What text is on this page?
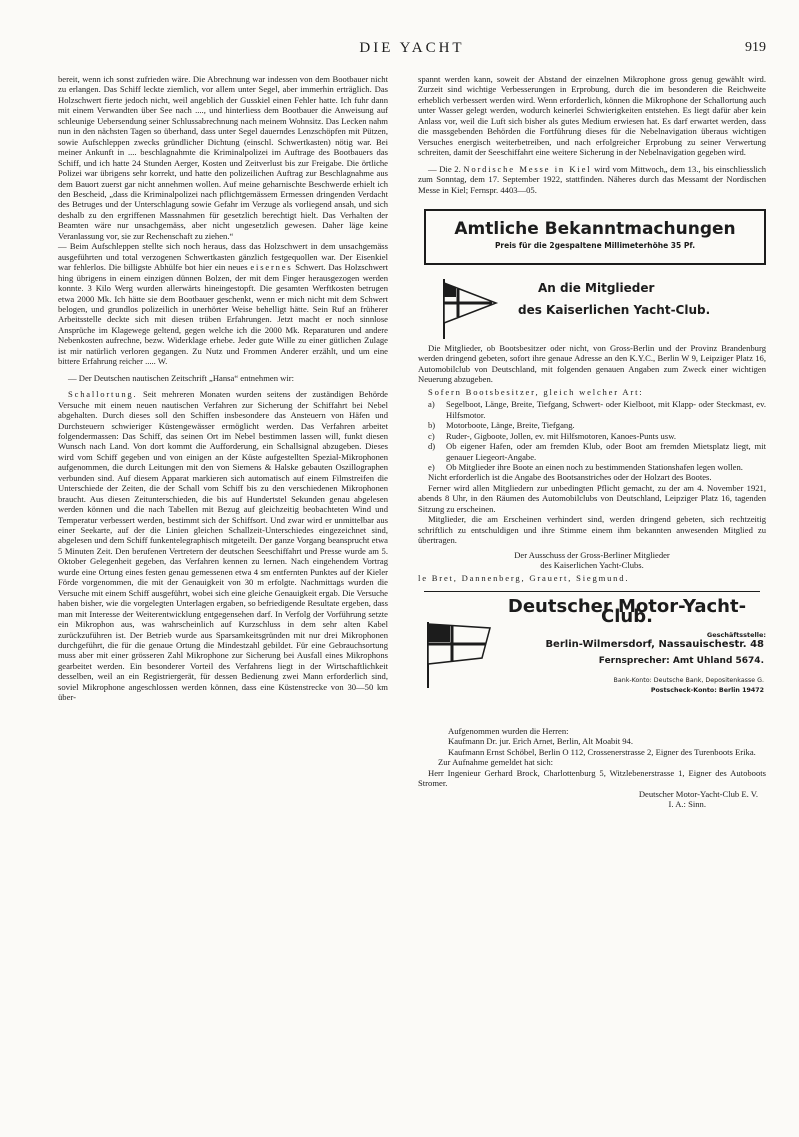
DIE YACHT	919

bereit, wenn ich sonst zufrieden wäre. Die Abrechnung war indessen von dem Bootbauer nicht zu erlangen. Das Schiff leckte ziemlich, vor allem unter Segel, aber immerhin erträglich. Das Holzschwert fierte jedoch nicht, weil angeblich der Gusskiel einen Fehler hatte. Ich fuhr dann mit einem Verwandten über See nach ...., und hinterliess dem Bootbauer die Anweisung auf schleunige Uebersendung seiner Schlussabrechnung nach meinem Wohnsitz. Das Lecken nahm nun in den nächsten Tagen so überhand, dass unter Segel dauerndes Lenzschöpfen mit Pützen, sowie Aufschleppen zwecks gründlicher Dichtung (einschl. Schwertkasten) nötig war. Bei meiner Ankunft in .... beschlagnahmte die Kriminalpolizei im Auftrage des Bootbauers das Schiff, und ich hatte 24 Stunden Aerger, Kosten und Zeitverlust bis zur Freigabe. Die örtliche Polizei war übrigens sehr korrekt, und hatte den polizeilichen Auftrag zur Beschlagnahme aus dem Bauort zuerst gar nicht annehmen wollen. Auf meine geharnischte Beschwerde erhielt ich den Bescheid, „dass die Kriminalpolizei nach pflichtgemässem Ermessen dringenden Verdacht des Betruges und der Unterschlagung sowie Gefahr im Verzuge als vorliegend ansah, und sich deshalb zu den ergriffenen Massnahmen für gesetzlich berechtigt hielt. Das Verhalten der Beamten wäre nur unsachgemäss, aber nicht ungesetzlich gewesen. Daher läge keine Veranlassung vor, sie zur Rechenschaft zu ziehen.“

— Beim Aufschleppen stellte sich noch heraus, dass das Holzschwert in dem unsachgemäss ausgeführten und total verzogenen Schwertkasten gänzlich festgequollen war. Der Eisenkiel war fehlerlos. Die billigste Abhülfe bot hier ein neues eisernes Schwert. Das Holzschwert hing übrigens in einem einzigen dünnen Bolzen, der mit dem Finger herausgezogen werden konnte. 3 Kilo Werg wurden allerwärts hineingestopft. Die gesamten Werftkosten betrugen etwa 2000 Mk. Ich hätte sie dem Bootbauer geschenkt, wenn er mich nicht mit dem Schwert belogen, und grundlos polizeilich in unerhörter Weise behelligt hätte. Sein Ruf an früherer Arbeitsstelle deckte sich mit diesen trüben Erfahrungen. Jetzt macht er noch sinnlose Ansprüche im Klagewege geltend, gegen welche ich die 2000 Mk. Reparaturen und andere Nebenkosten aufrechne, bezw. Widerklage erhebe. Jeder gute Wille zu einer gütlichen Zulage ist mir natürlich verloren gegangen. Zu Nutz und Frommen Anderer erzählt, und um eine bittere Erfahrung reicher ..... W.

— Der Deutschen nautischen Zeitschrift „Hansa“ entnehmen wir:

Schallortung. Seit mehreren Monaten wurden seitens der zuständigen Behörde Versuche mit einem neuen nautischen Verfahren zur Sicherung der Schiffahrt bei Nebel abgehalten. Durch dieses soll den Schiffen insbesondere das Ansteuern von Häfen und Durchsteuern schwieriger Küstengewässer ermöglicht werden. Das Verfahren arbeitet folgendermassen: Das Schiff, das seinen Ort im Nebel bestimmen lassen will, funkt diesen Wunsch nach Land. Von dort kommt die Aufforderung, ein Schallsignal abzugeben. Dieses wird vom Schiff gegeben und von einigen an der Küste aufgestellten Spezial-Mikrophonen aufgenommen, die durch Leitungen mit den von Siemens & Halske gebauten Oszillographen verbunden sind. Auf diesem Apparat markieren sich automatisch auf einem Filmstreifen die Unterschiede der Zeiten, die der Schall vom Schiff bis zu den verschiedenen Mikrophonen braucht. Aus diesen Zeitunterschieden, die bis auf Hundertstel Sekunden genau abgelesen werden können und die nach Tabellen mit Bezug auf gleichzeitig beobachteten Wind und Temperatur verbessert werden, bestimmt sich der Schiffsort. Und zwar wird er unmittelbar aus einer Seekarte, auf der die Linien gleichen Schallzeit-Unterschiedes eingezeichnet sind, abgelesen und dem Schiff funkentelegraphisch mitgeteilt. Der ganze Vorgang beansprucht etwa 5 Minuten Zeit. Den berufenen Vertretern der deutschen Seeschiffahrt und Presse wurde am 5. Oktober Gelegenheit gegeben, das Verfahren kennen zu lernen. Nach eingehendem Vortrag wurde eine Ortung eines festen genau gemessenen etwa 4 sm entfernten Punktes auf der Kieler Förde vorgenommen, die mit der Genauigkeit von 30 m erfolgte. Nachmittags wurden die Versuche mit einem Schiff ausgeführt, wobei sich eine gleiche Genauigkeit ergab. Die Versuche haben bisher, wie die vorgelegten Unterlagen ergaben, so befriedigende Resultate ergeben, dass man mit Interesse der Weiterentwicklung entgegensehen darf. In Verfolg der Vorführung setzte ein Mikrophon aus, was wahrscheinlich auf Kurzschluss in dem sehr alten Kabel zurückzuführen ist. Der Betrieb wurde aus Sparsamkeitsgründen mit nur drei Mikrophonen durchgeführt, die für die genaue Ortung die Mindestzahl gebildet. Für eine Gebrauchsortung muss aber mit einer grösseren Zahl Mikrophone zur Sicherung bei Ausfall eines Mikrophons gearbeitet werden. Ein besonderer Vorteil des Verfahrens liegt in der Wirtschaftlichkeit desselben, weil an ein Registriergerät, für dessen Bedienung zwei Mann erforderlich sind, soviel Mikrophone angeschlossen werden können, dass eine Küstenstrecke von 30—50 km über-

spannt werden kann, soweit der Abstand der einzelnen Mikrophone gross genug gewählt wird. Zurzeit sind wichtige Verbesserungen in Erprobung, durch die im besonderen die Reichweite erheblich verbessert werden wird. Wenn erforderlich, können die Mikrophone der Schallortung auch unter Wasser gelegt werden, wodurch keinerlei Schwierigkeiten entstehen. Es liegt dafür aber kein Anlass vor, weil die Luft sich bisher als gutes Medium erwiesen hat. Es darf erwartet werden, dass die massgebenden Behörden die Fortführung dieses für die Nebelnavigation überaus wichtigen Versuches energisch weiterbetreiben, und nach erfolgreicher Erprobung zu seiner Verwertung schreiten, damit der Seeschiffahrt eine weitere Sicherung in der Nebelnavigation gegeben wird.

— Die 2. Nordische Messe in Kiel wird vom Mittwoch„ dem 13., bis einschliesslich zum Sonntag, dem 17. September 1922, stattfinden. Näheres durch das Messamt der Nordischen Messe in Kiel; Fernspr. 4403—05.

Amtliche Bekanntmachungen
Preis für die 2gespaltene Millimeterhöhe 35 Pf.
An die Mitglieder
des Kaiserlichen Yacht-Club.

Die Mitglieder, ob Bootsbesitzer oder nicht, von Gross-Berlin und der Provinz Brandenburg werden dringend gebeten, sofort ihre genaue Adresse an den K.Y.C., Berlin W 9, Leipziger Platz 16, Automobilclub von Deutschland, mit folgenden genauen Angaben zum Zweck einer wichtigen Neuerung abzugeben.

Sofern Bootsbesitzer, gleich welcher Art:

a) Segelboot, Länge, Breite, Tiefgang, Schwert- oder Kielboot, mit Klapp- oder Steckmast, ev. Hilfsmotor.

b) Motorboote, Länge, Breite, Tiefgang.

c) Ruder-, Gigboote, Jollen, ev. mit Hilfsmotoren, Kanoes-Punts usw.

d) Ob eigener Hafen, oder am fremden Klub, oder Boot am fremden Mietsplatz liegt, mit genauer Liegeort-Angabe.

e) Ob Mitglieder ihre Boote an einen noch zu bestimmenden Stationshafen legen wollen.

Nicht erforderlich ist die Angabe des Bootsanstriches oder der Holzart des Bootes.

Ferner wird allen Mitgliedern zur unbedingten Pflicht gemacht, zu der am 4. November 1921, abends 8 Uhr, in den Räumen des Automobilclubs von Deutschland, Leipziger Platz 16, tagenden Sitzung zu erscheinen.

Mitglieder, die am Erscheinen verhindert sind, werden dringend gebeten, sich rechtzeitig schriftlich zu entschuldigen und ihre Stimme einem ihm bekannten anwesenden Mitglied zu übertragen.

Der Ausschuss der Gross-Berliner Mitglieder

des Kaiserlichen Yacht-Clubs.

le Bret, Dannenberg, Grauert, Siegmund.

Deutscher Motor-Yacht-Club.
Geschäftsstelle:
Berlin-Wilmersdorf, Nassauischestr. 48
Fernsprecher: Amt Uhland 5674.
Bank-Konto: Deutsche Bank, Depositenkasse G.
Postscheck-Konto: Berlin 19472

Aufgenommen wurden die Herren:

Kaufmann Dr. jur. Erich Arnet, Berlin, Alt Moabit 94.

Kaufmann Ernst Schöbel, Berlin O 112, Crossenerstrasse 2, Eigner des Turenboots Erika.

Zur Aufnahme gemeldet hat sich:

Herr Ingenieur Gerhard Brock, Charlottenburg 5, Witzlebenerstrasse 1, Eigner des Autoboots Stromer.

Deutscher Motor-Yacht-Club E. V.

I. A.: Sinn.
